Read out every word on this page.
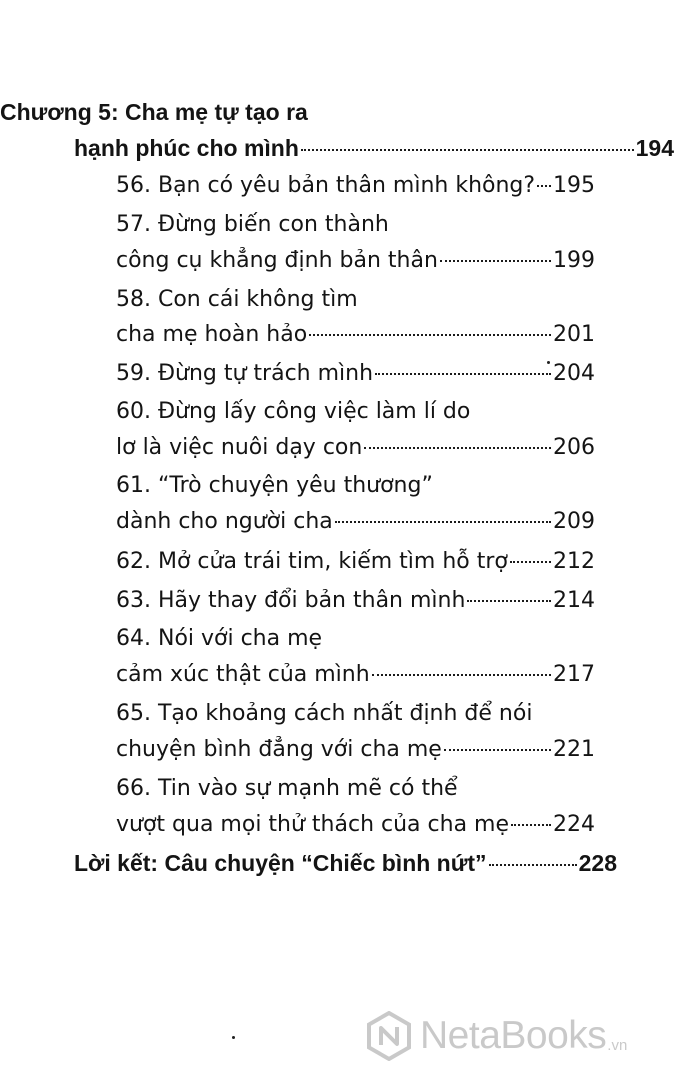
Chương 5: Cha mẹ tự tạo ra
hạnh phúc cho mình	194
56. Bạn có yêu bản thân mình không? 195
57. Đừng biến con thành
công cụ khẳng định bản thân	199
58. Con cái không tìm
cha mẹ hoàn hảo	201
59. Đừng tự trách mình	204
60. Đừng lấy công việc làm lí do
lơ là việc nuôi dạy con	206
61. “Trò chuyện yêu thương”
dành cho người cha	209
62. Mở cửa trái tim, kiếm tìm hỗ trợ 212
63. Hãy thay đổi bản thân mình	214
64. Nói với cha mẹ
cảm xúc thật của mình	217
65. Tạo khoảng cách nhất định để nói
chuyện bình đẳng với cha mẹ	221
66. Tin vào sự mạnh mẽ có thể
vượt qua mọi thử thách của cha mẹ 224
Lời kết: Câu chuyện “Chiếc bình nứt”	228
NetaBooks .vn
